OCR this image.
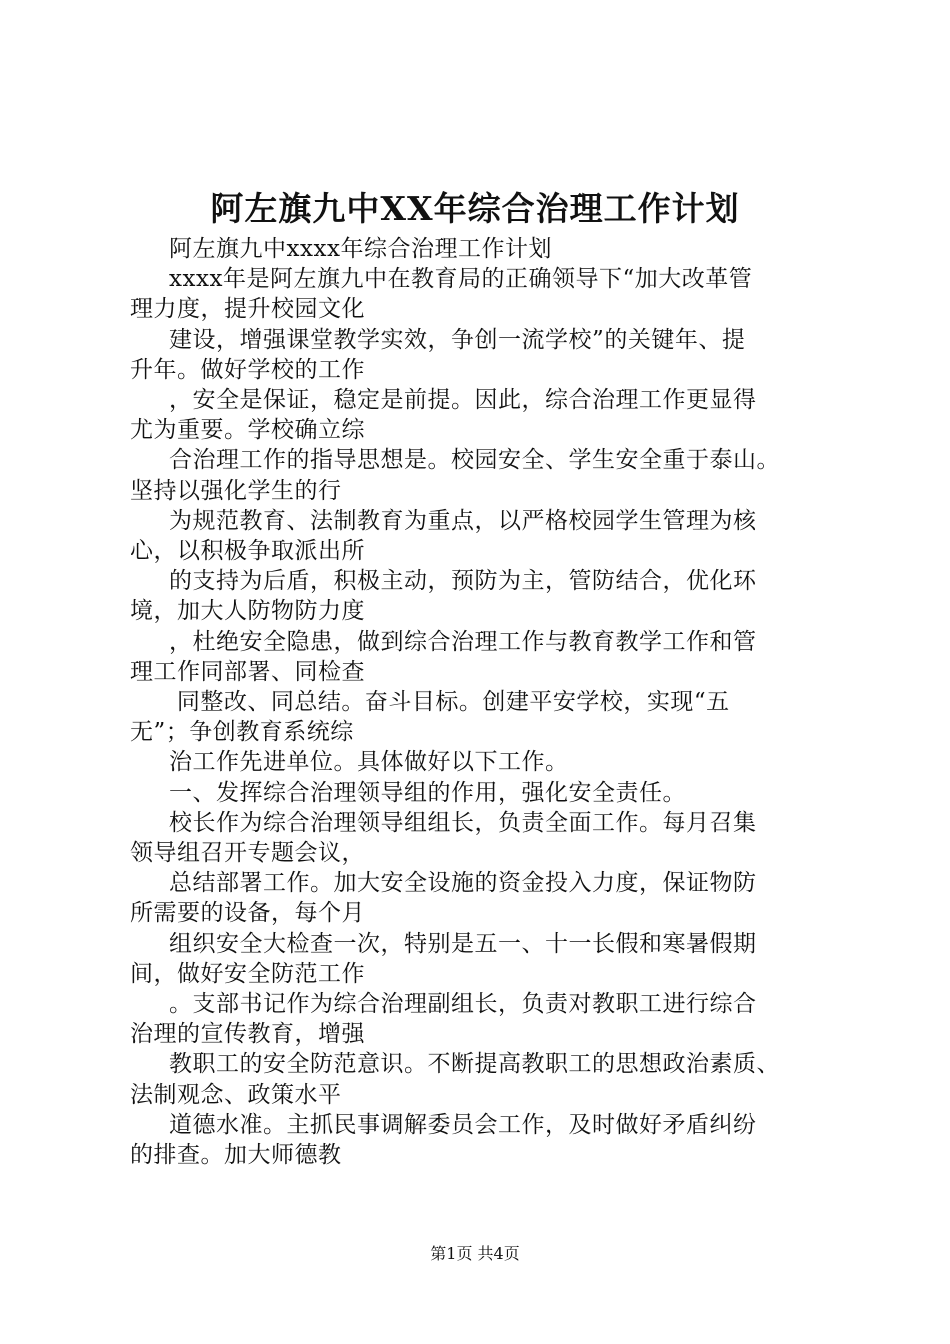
阿左旗九中XX年综合治理工作计划

阿左旗九中xxxx年综合治理工作计划

xxxx年是阿左旗九中在教育局的正确领导下“加大改革管

理力度，提升校园文化

建设，增强课堂教学实效，争创一流学校”的关键年、提

升年。做好学校的工作

，安全是保证，稳定是前提。因此，综合治理工作更显得

尤为重要。学校确立综

合治理工作的指导思想是。校园安全、学生安全重于泰山。

坚持以强化学生的行

为规范教育、法制教育为重点，以严格校园学生管理为核

心，以积极争取派出所

的支持为后盾，积极主动，预防为主，管防结合，优化环

境，加大人防物防力度

，杜绝安全隐患，做到综合治理工作与教育教学工作和管

理工作同部署、同检查

同整改、同总结。奋斗目标。创建平安学校，实现“五

无”；争创教育系统综

治工作先进单位。具体做好以下工作。

一、发挥综合治理领导组的作用，强化安全责任。

校长作为综合治理领导组组长，负责全面工作。每月召集

领导组召开专题会议，

总结部署工作。加大安全设施的资金投入力度，保证物防

所需要的设备，每个月

组织安全大检查一次，特别是五一、十一长假和寒暑假期

间，做好安全防范工作

。支部书记作为综合治理副组长，负责对教职工进行综合

治理的宣传教育，增强

教职工的安全防范意识。不断提高教职工的思想政治素质、

法制观念、政策水平

道德水准。主抓民事调解委员会工作，及时做好矛盾纠纷

的排查。加大师德教

第1页 共4页
